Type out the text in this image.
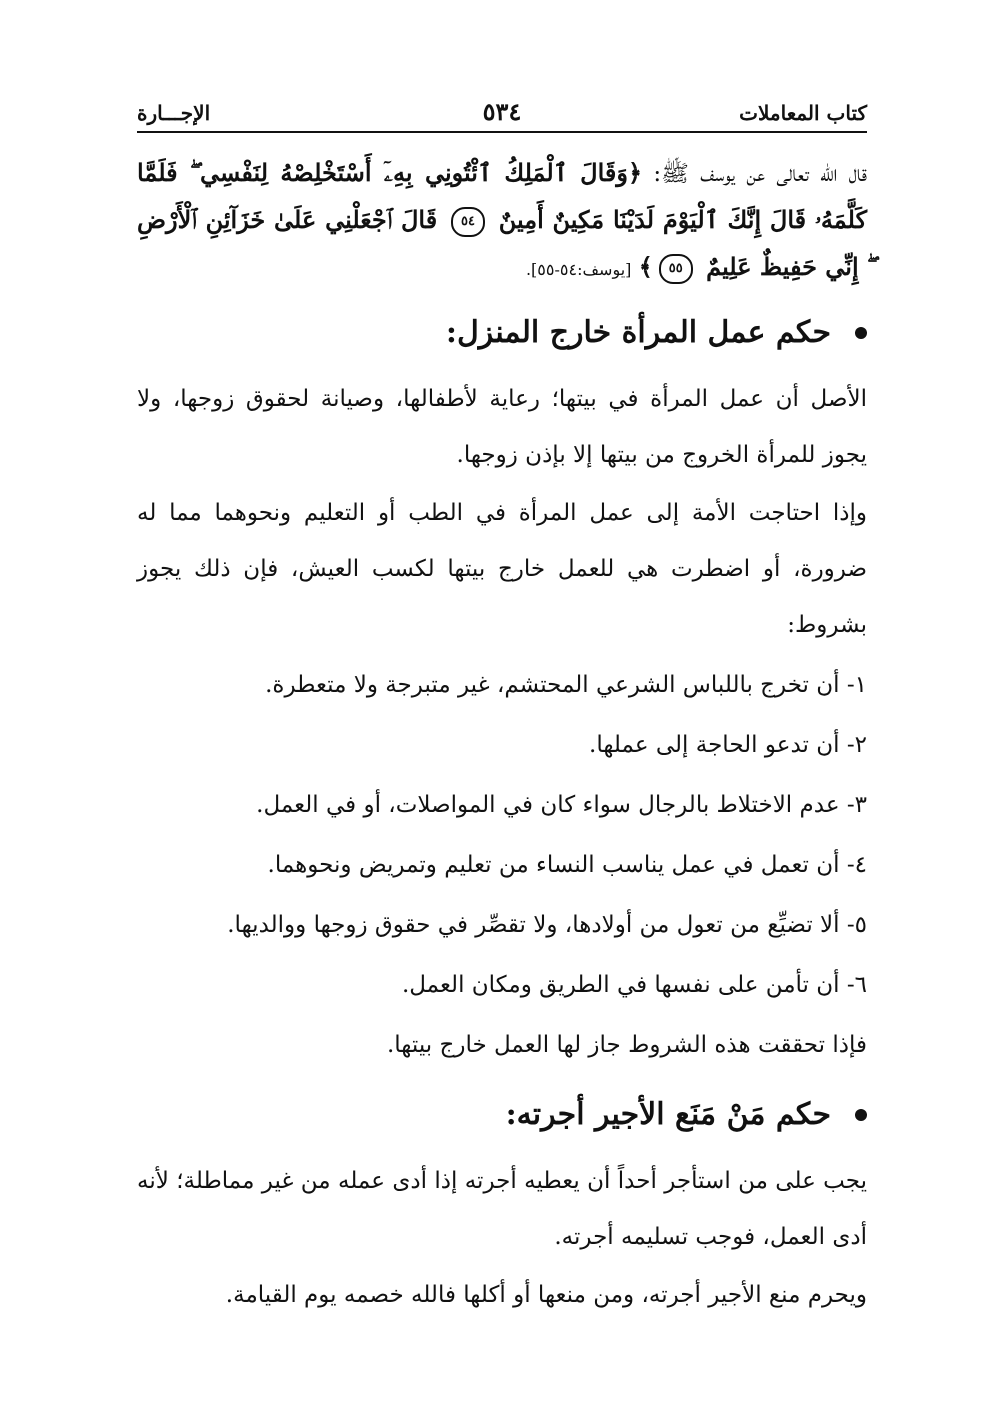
كتاب المعاملات
٥٣٤
الإجـــارة

قال الله تعالى عن يوسف ﷺ: ﴿وَقَالَ ٱلْمَلِكُ ٱئْتُونِي بِهِۦٓ أَسْتَخْلِصْهُ لِنَفْسِي ۖ فَلَمَّا كَلَّمَهُۥ قَالَ إِنَّكَ ٱلْيَوْمَ لَدَيْنَا مَكِينٌ أَمِينٌ ٥٤ قَالَ ٱجْعَلْنِي عَلَىٰ خَزَآئِنِ ٱلْأَرْضِ ۖ إِنِّي حَفِيظٌ عَلِيمٌ ٥٥﴾ [يوسف:٥٤-٥٥].

حكم عمل المرأة خارج المنزل:

الأصل أن عمل المرأة في بيتها؛ رعاية لأطفالها، وصيانة لحقوق زوجها، ولا يجوز للمرأة الخروج من بيتها إلا بإذن زوجها.

وإذا احتاجت الأمة إلى عمل المرأة في الطب أو التعليم ونحوهما مما له ضرورة، أو اضطرت هي للعمل خارج بيتها لكسب العيش، فإن ذلك يجوز بشروط:

١- أن تخرج باللباس الشرعي المحتشم، غير متبرجة ولا متعطرة.

٢- أن تدعو الحاجة إلى عملها.

٣- عدم الاختلاط بالرجال سواء كان في المواصلات، أو في العمل.

٤- أن تعمل في عمل يناسب النساء من تعليم وتمريض ونحوهما.

٥- ألا تضيِّع من تعول من أولادها، ولا تقصِّر في حقوق زوجها ووالديها.

٦- أن تأمن على نفسها في الطريق ومكان العمل.

فإذا تحققت هذه الشروط جاز لها العمل خارج بيتها.

حكم مَنْ مَنَع الأجير أجرته:

يجب على من استأجر أحداً أن يعطيه أجرته إذا أدى عمله من غير مماطلة؛ لأنه أدى العمل، فوجب تسليمه أجرته.

ويحرم منع الأجير أجرته، ومن منعها أو أكلها فالله خصمه يوم القيامة.
